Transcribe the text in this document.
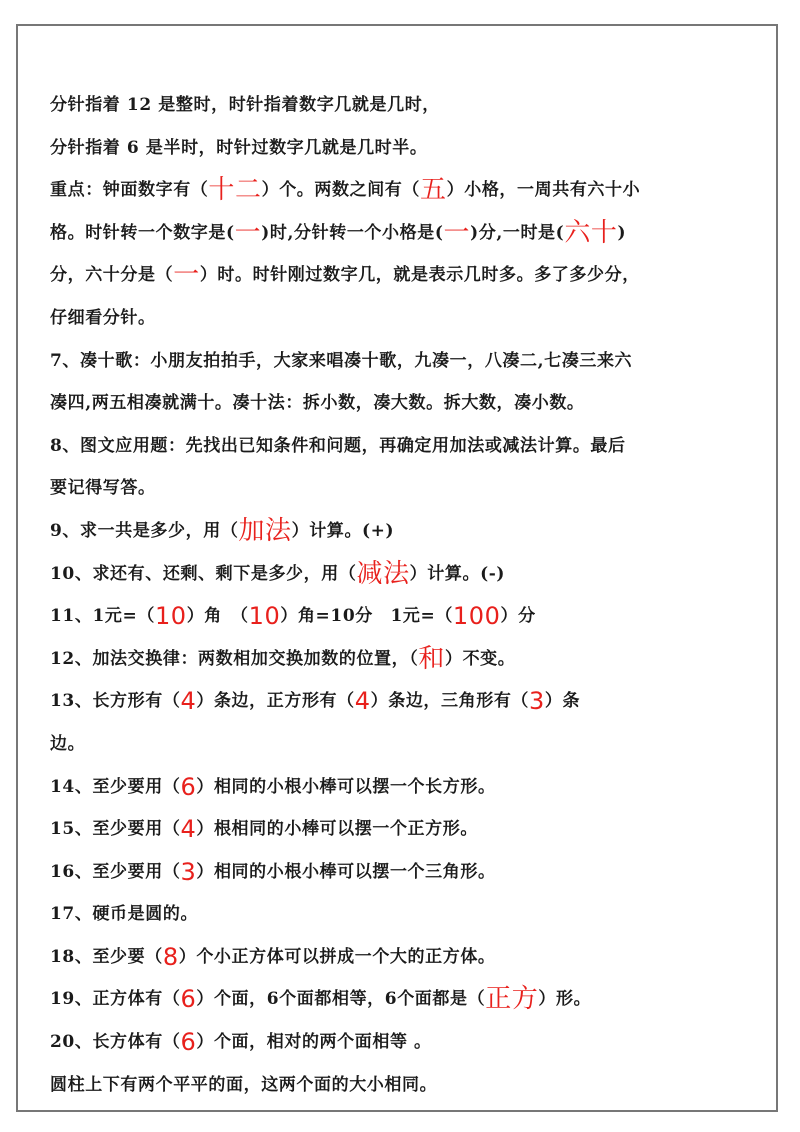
分针指着 12 是整时，时针指着数字几就是几时，
分针指着 6 是半时，时针过数字几就是几时半。
重点：钟面数字有（十二）个。两数之间有（五）小格，一周共有六十小
格。时针转一个数字是(一)时,分针转一个小格是(一)分,一时是(六十)
分，六十分是（一）时。时针刚过数字几，就是表示几时多。多了多少分，
仔细看分针。
7、凑十歌：小朋友拍拍手，大家来唱凑十歌，九凑一，八凑二,七凑三来六
凑四,两五相凑就满十。凑十法：拆小数，凑大数。拆大数，凑小数。
8、图文应用题：先找出已知条件和问题，再确定用加法或减法计算。最后
要记得写答。
9、求一共是多少，用（加法）计算。(+)
10、求还有、还剩、剩下是多少，用（减法）计算。(-)
11、1元=（10）角　（10）角=10分　1元=（100）分
12、加法交换律：两数相加交换加数的位置，（和）不变。
13、长方形有（4）条边，正方形有（4）条边，三角形有（3）条
边。
14、至少要用（6）相同的小根小棒可以摆一个长方形。
15、至少要用（4）根相同的小棒可以摆一个正方形。
16、至少要用（3）相同的小根小棒可以摆一个三角形。
17、硬币是圆的。
18、至少要（8）个小正方体可以拼成一个大的正方体。
19、正方体有（6）个面，6个面都相等，6个面都是（正方）形。
20、长方体有（6）个面，相对的两个面相等 。
圆柱上下有两个平平的面，这两个面的大小相同。
